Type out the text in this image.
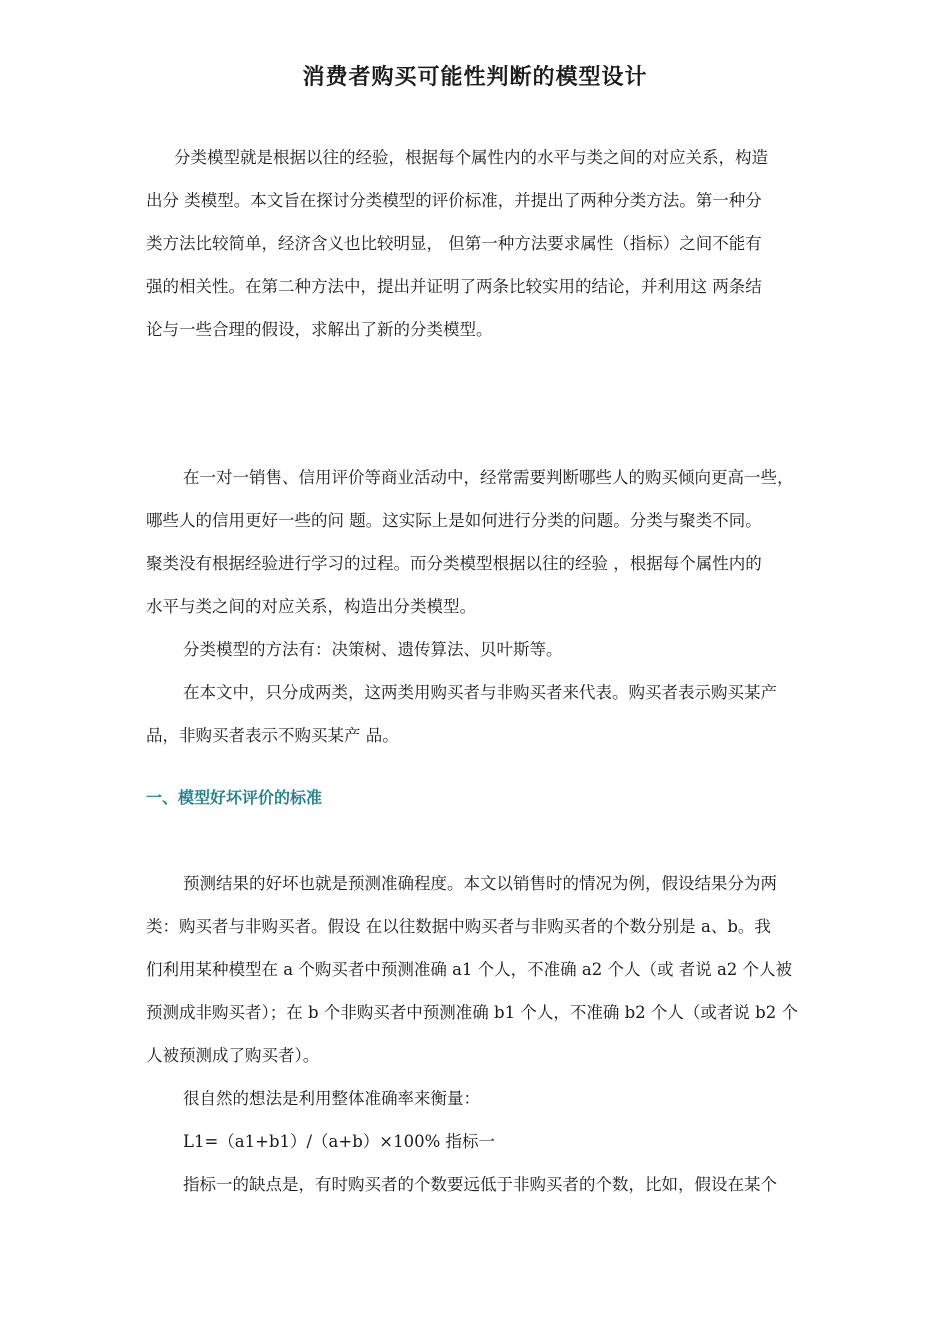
消费者购买可能性判断的模型设计

分类模型就是根据以往的经验，根据每个属性内的水平与类之间的对应关系，构造

出分 类模型。本文旨在探讨分类模型的评价标准，并提出了两种分类方法。第一种分

类方法比较简单，经济含义也比较明显， 但第一种方法要求属性（指标）之间不能有

强的相关性。在第二种方法中，提出并证明了两条比较实用的结论，并利用这 两条结

论与一些合理的假设，求解出了新的分类模型。

在一对一销售、信用评价等商业活动中，经常需要判断哪些人的购买倾向更高一些，

哪些人的信用更好一些的问 题。这实际上是如何进行分类的问题。分类与聚类不同。

聚类没有根据经验进行学习的过程。而分类模型根据以往的经验 ，根据每个属性内的

水平与类之间的对应关系，构造出分类模型。

分类模型的方法有：决策树、遗传算法、贝叶斯等。

在本文中，只分成两类，这两类用购买者与非购买者来代表。购买者表示购买某产

品，非购买者表示不购买某产 品。

一、模型好坏评价的标准

预测结果的好坏也就是预测准确程度。本文以销售时的情况为例，假设结果分为两

类：购买者与非购买者。假设 在以往数据中购买者与非购买者的个数分别是 a、b。我

们利用某种模型在 a 个购买者中预测准确 a1 个人，不准确 a2 个人（或 者说 a2 个人被

预测成非购买者）；在 b 个非购买者中预测准确 b1 个人，不准确 b2 个人（或者说 b2 个

人被预测成了购买者）。

很自然的想法是利用整体准确率来衡量：

L1=（a1+b1）/（a+b）×100% 指标一

指标一的缺点是，有时购买者的个数要远低于非购买者的个数，比如，假设在某个
